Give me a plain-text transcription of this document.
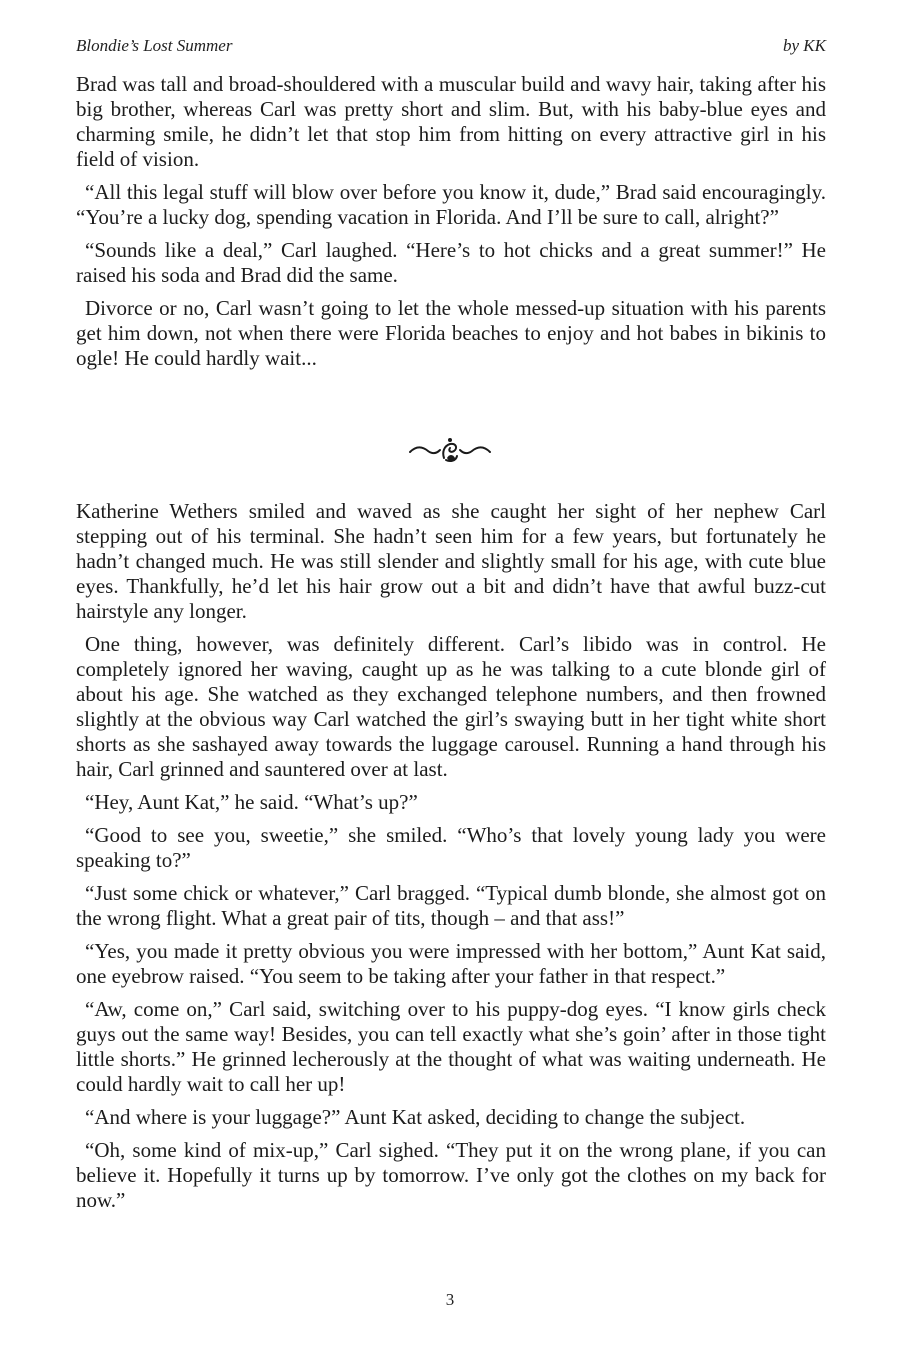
Blondie’s Lost Summer	by KK

Brad was tall and broad-shouldered with a muscular build and wavy hair, taking after his big brother, whereas Carl was pretty short and slim. But, with his baby-blue eyes and charming smile, he didn’t let that stop him from hitting on every attractive girl in his field of vision.

“All this legal stuff will blow over before you know it, dude,” Brad said encouragingly. “You’re a lucky dog, spending vacation in Florida. And I’ll be sure to call, alright?”

“Sounds like a deal,” Carl laughed. “Here’s to hot chicks and a great summer!” He raised his soda and Brad did the same.

Divorce or no, Carl wasn’t going to let the whole messed-up situation with his parents get him down, not when there were Florida beaches to enjoy and hot babes in bikinis to ogle! He could hardly wait...

Katherine Wethers smiled and waved as she caught her sight of her nephew Carl stepping out of his terminal. She hadn’t seen him for a few years, but fortunately he hadn’t changed much. He was still slender and slightly small for his age, with cute blue eyes. Thankfully, he’d let his hair grow out a bit and didn’t have that awful buzz-cut hairstyle any longer.

One thing, however, was definitely different. Carl’s libido was in control. He completely ignored her waving, caught up as he was talking to a cute blonde girl of about his age. She watched as they exchanged telephone numbers, and then frowned slightly at the obvious way Carl watched the girl’s swaying butt in her tight white short shorts as she sashayed away towards the luggage carousel. Running a hand through his hair, Carl grinned and sauntered over at last.

“Hey, Aunt Kat,” he said. “What’s up?”

“Good to see you, sweetie,” she smiled. “Who’s that lovely young lady you were speaking to?”

“Just some chick or whatever,” Carl bragged. “Typical dumb blonde, she almost got on the wrong flight. What a great pair of tits, though – and that ass!”

“Yes, you made it pretty obvious you were impressed with her bottom,” Aunt Kat said, one eyebrow raised. “You seem to be taking after your father in that respect.”

“Aw, come on,” Carl said, switching over to his puppy-dog eyes. “I know girls check guys out the same way! Besides, you can tell exactly what she’s goin’ after in those tight little shorts.” He grinned lecherously at the thought of what was waiting underneath. He could hardly wait to call her up!

“And where is your luggage?” Aunt Kat asked, deciding to change the subject.

“Oh, some kind of mix-up,” Carl sighed. “They put it on the wrong plane, if you can believe it. Hopefully it turns up by tomorrow. I’ve only got the clothes on my back for now.”

3
